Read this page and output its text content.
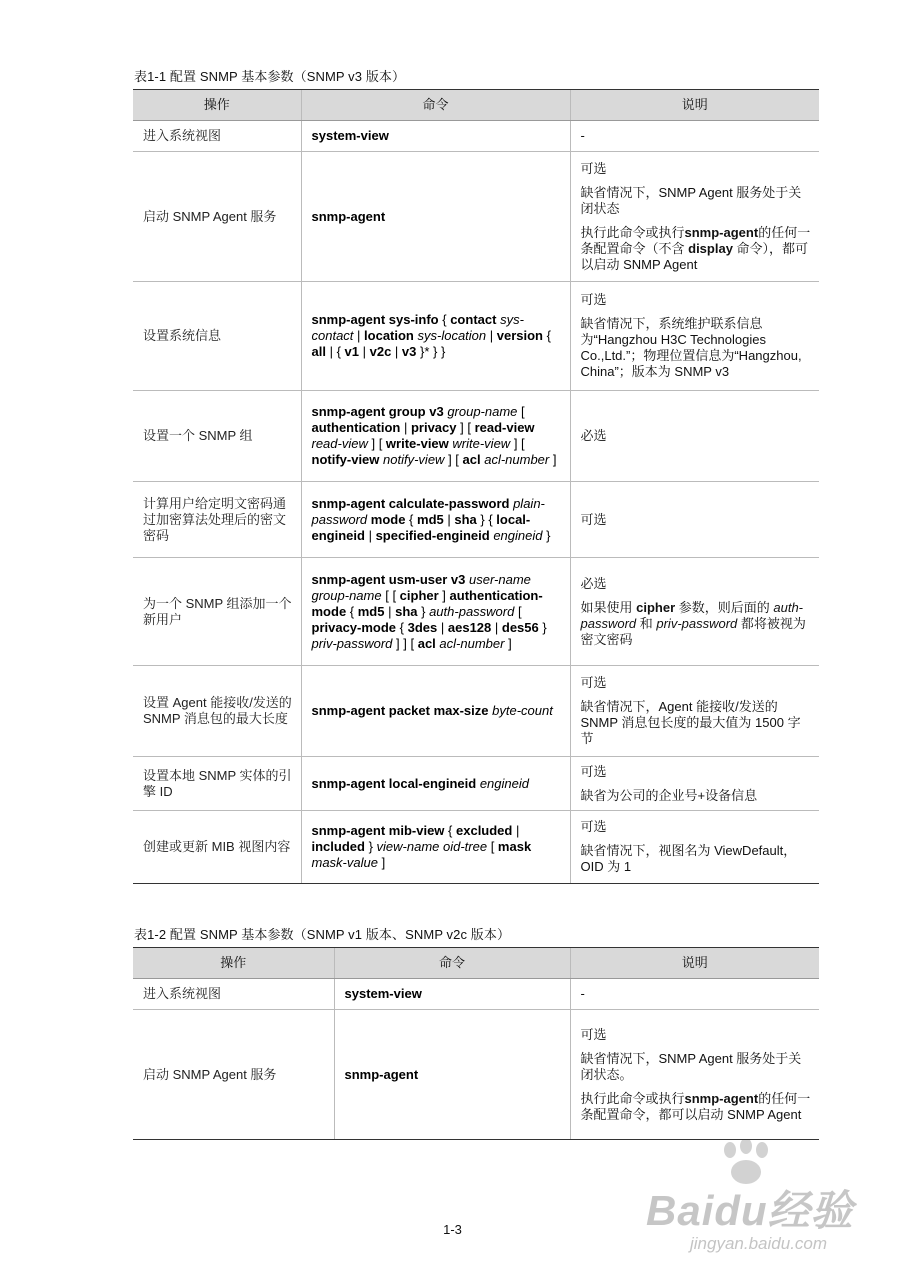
表1-1 配置 SNMP 基本参数（SNMP v3 版本）
操作	命令	说明
进入系统视图	system-view	-

启动 SNMP Agent 服务	snmp-agent	可选

缺省情况下，SNMP Agent 服务处于关闭状态

执行此命令或执行snmp-agent的任何一条配置命令（不含 display 命令），都可以启动 SNMP Agent

设置系统信息	snmp-agent sys-info { contact sys-contact | location sys-location | version { all | { v1 | v2c | v3 }* } }	可选

缺省情况下，系统维护联系信息为“Hangzhou H3C Technologies Co.,Ltd.”；物理位置信息为“Hangzhou, China”；版本为 SNMP v3

设置一个 SNMP 组	snmp-agent group v3 group-name [ authentication | privacy ] [ read-view read-view ] [ write-view write-view ] [ notify-view notify-view ] [ acl acl-number ]	必选

计算用户给定明文密码通过加密算法处理后的密文密码	snmp-agent calculate-password plain-password mode { md5 | sha } { local-engineid | specified-engineid engineid }	可选

为一个 SNMP 组添加一个新用户	snmp-agent usm-user v3 user-name group-name [ [ cipher ] authentication-mode { md5 | sha } auth-password [ privacy-mode { 3des | aes128 | des56 } priv-password ] ] [ acl acl-number ]	必选

如果使用 cipher 参数，则后面的 auth-password 和 priv-password 都将被视为密文密码

设置 Agent 能接收/发送的 SNMP 消息包的最大长度	snmp-agent packet max-size byte-count	可选

缺省情况下，Agent 能接收/发送的 SNMP 消息包长度的最大值为 1500 字节

设置本地 SNMP 实体的引擎 ID	snmp-agent local-engineid engineid	可选

缺省为公司的企业号+设备信息

创建或更新 MIB 视图内容	snmp-agent mib-view { excluded | included } view-name oid-tree [ mask mask-value ]	可选

缺省情况下，视图名为 ViewDefault，OID 为 1

表1-2 配置 SNMP 基本参数（SNMP v1 版本、SNMP v2c 版本）
操作	命令	说明
进入系统视图	system-view	-

启动 SNMP Agent 服务	snmp-agent	可选

缺省情况下，SNMP Agent 服务处于关闭状态。

执行此命令或执行snmp-agent的任何一条配置命令，都可以启动 SNMP Agent

1-3	Baidu经验
jingyan.baidu.com
